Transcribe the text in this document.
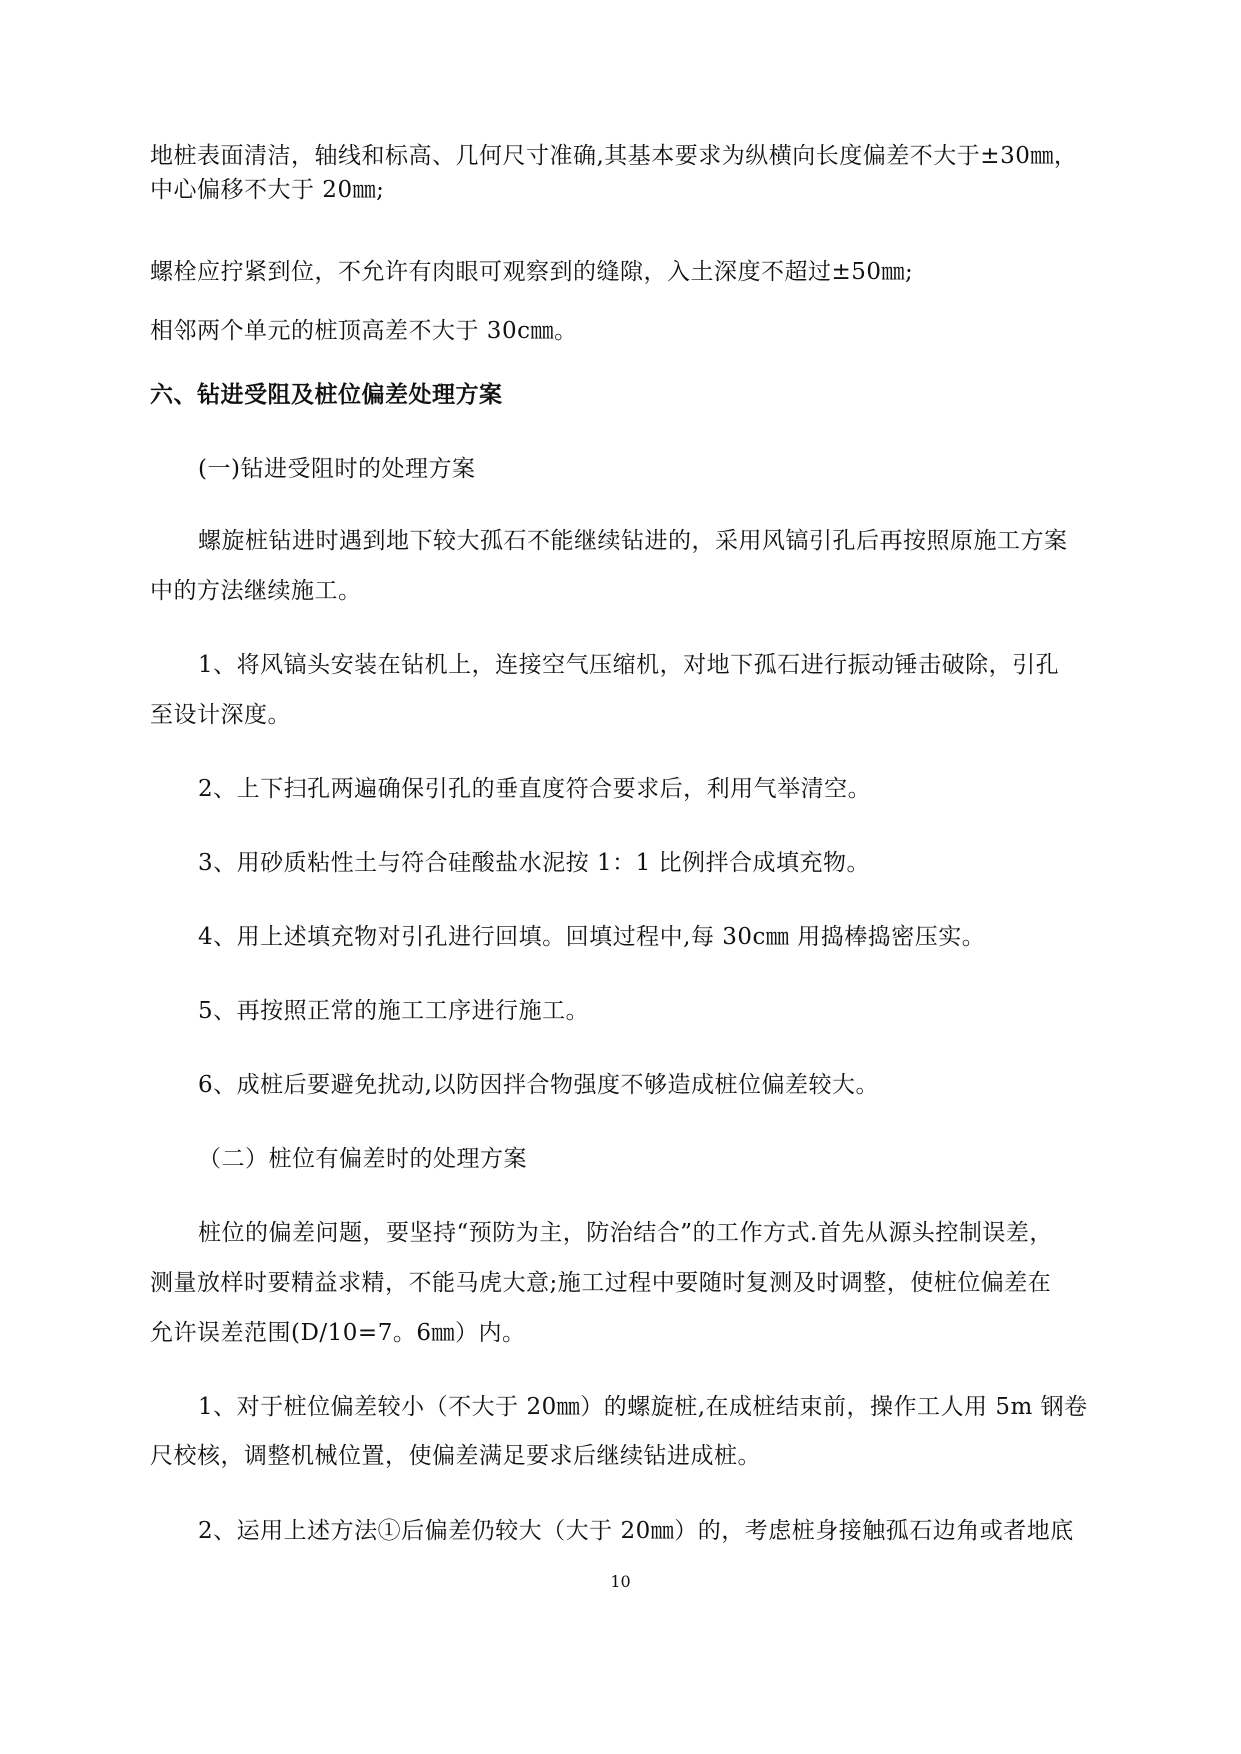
地桩表面清洁，轴线和标高、几何尺寸准确,其基本要求为纵横向长度偏差不大于±30㎜，
中心偏移不大于 20㎜;
螺栓应拧紧到位，不允许有肉眼可观察到的缝隙，入土深度不超过±50㎜;
相邻两个单元的桩顶高差不大于 30c㎜。
六、钻进受阻及桩位偏差处理方案
(一)钻进受阻时的处理方案
螺旋桩钻进时遇到地下较大孤石不能继续钻进的，采用风镐引孔后再按照原施工方案
中的方法继续施工。
1、将风镐头安装在钻机上，连接空气压缩机，对地下孤石进行振动锤击破除，引孔
至设计深度。
2、上下扫孔两遍确保引孔的垂直度符合要求后，利用气举清空。
3、用砂质粘性土与符合硅酸盐水泥按 1：1 比例拌合成填充物。
4、用上述填充物对引孔进行回填。回填过程中,每 30c㎜ 用捣棒捣密压实。
5、再按照正常的施工工序进行施工。
6、成桩后要避免扰动,以防因拌合物强度不够造成桩位偏差较大。
（二）桩位有偏差时的处理方案
桩位的偏差问题，要坚持“预防为主，防治结合”的工作方式.首先从源头控制误差，
测量放样时要精益求精，不能马虎大意;施工过程中要随时复测及时调整，使桩位偏差在
允许误差范围(D/10=7。6㎜）内。
1、对于桩位偏差较小（不大于 20㎜）的螺旋桩,在成桩结束前，操作工人用 5m 钢卷
尺校核，调整机械位置，使偏差满足要求后继续钻进成桩。
2、运用上述方法①后偏差仍较大（大于 20㎜）的，考虑桩身接触孤石边角或者地底
10
